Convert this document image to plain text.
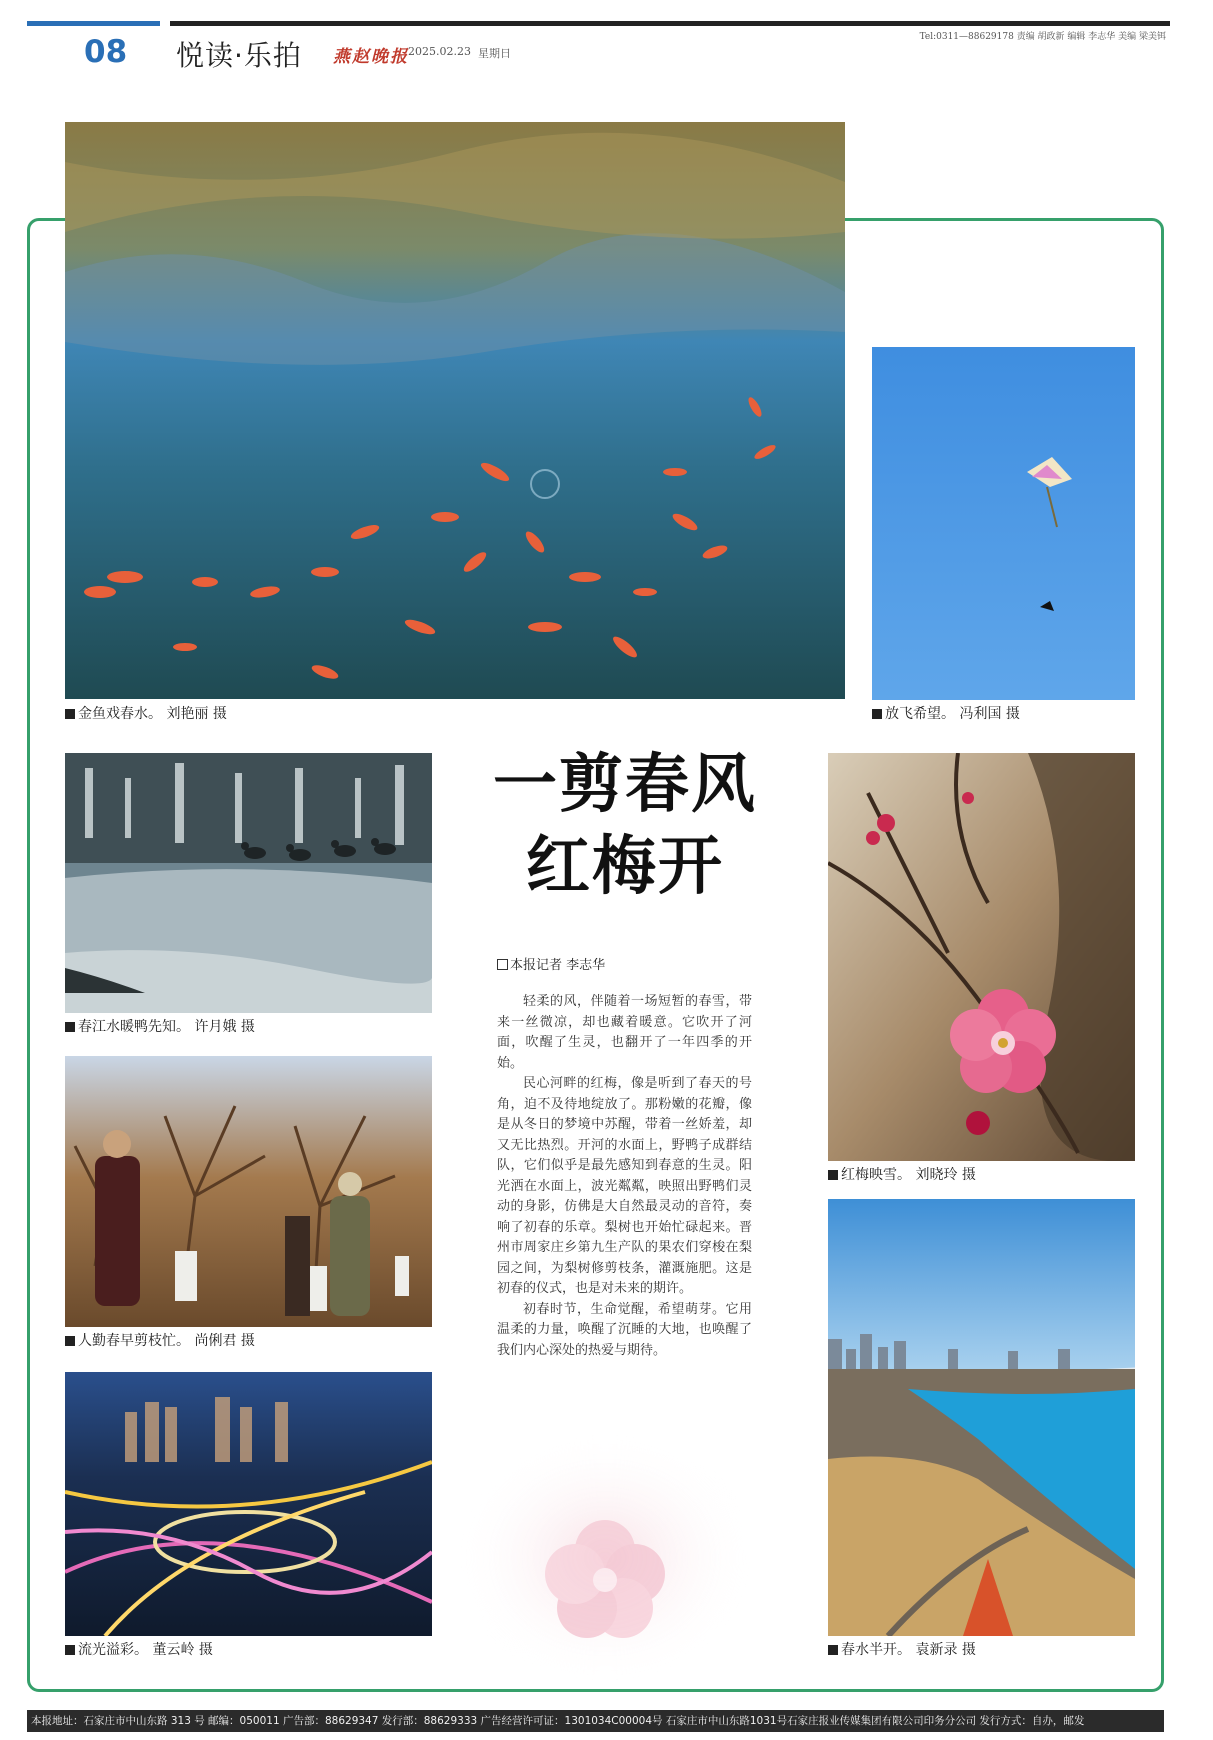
08 悦读·乐拍 燕赵晚报 2025.02.23 星期日
Tel:0311—88629178 责编 胡政新 编辑 李志华 美编 梁美铒
金鱼戏春水。 刘艳丽 摄	放飞希望。 冯利国 摄
春江水暖鸭先知。 许月娥 摄
人勤春早剪枝忙。 尚俐君 摄
流光溢彩。 董云岭 摄
红梅映雪。 刘晓玲 摄
春水半开。 袁新录 摄
一剪春风
红梅开
本报记者 李志华

轻柔的风，伴随着一场短暂的春雪，带来一丝微凉，却也藏着暖意。它吹开了河面，吹醒了生灵，也翻开了一年四季的开始。

民心河畔的红梅，像是听到了春天的号角，迫不及待地绽放了。那粉嫩的花瓣，像是从冬日的梦境中苏醒，带着一丝娇羞，却又无比热烈。开河的水面上，野鸭子成群结队，它们似乎是最先感知到春意的生灵。阳光洒在水面上，波光粼粼，映照出野鸭们灵动的身影，仿佛是大自然最灵动的音符，奏响了初春的乐章。梨树也开始忙碌起来。晋州市周家庄乡第九生产队的果农们穿梭在梨园之间，为梨树修剪枝条，灌溉施肥。这是初春的仪式，也是对未来的期许。

初春时节，生命觉醒，希望萌芽。它用温柔的力量，唤醒了沉睡的大地，也唤醒了我们内心深处的热爱与期待。

本报地址：石家庄市中山东路 313 号 邮编：050011 广告部：88629347 发行部：88629333 广告经营许可证：1301034C00004号 石家庄市中山东路1031号石家庄报业传媒集团有限公司印务分公司 发行方式：自办，邮发
